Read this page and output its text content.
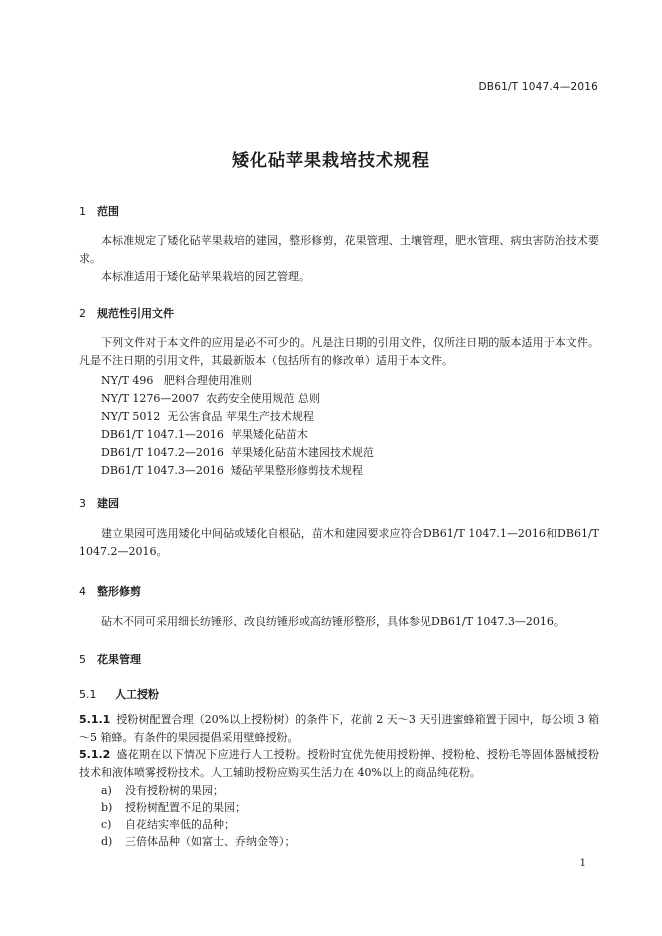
DB61/T 1047.4—2016
矮化砧苹果栽培技术规程
1 范围
本标准规定了矮化砧苹果栽培的建园，整形修剪，花果管理、土壤管理，肥水管理、病虫害防治技术要求。
本标准适用于矮化砧苹果栽培的园艺管理。
2 规范性引用文件
下列文件对于本文件的应用是必不可少的。凡是注日期的引用文件，仅所注日期的版本适用于本文件。凡是不注日期的引用文件，其最新版本（包括所有的修改单）适用于本文件。
NY/T 496   肥料合理使用准则
NY/T 1276—2007  农药安全使用规范 总则
NY/T 5012  无公害食品 苹果生产技术规程
DB61/T 1047.1—2016  苹果矮化砧苗木
DB61/T 1047.2—2016  苹果矮化砧苗木建园技术规范
DB61/T 1047.3—2016  矮砧苹果整形修剪技术规程
3 建园
建立果园可选用矮化中间砧或矮化自根砧，苗木和建园要求应符合DB61/T 1047.1—2016和DB61/T 1047.2—2016。
4 整形修剪
砧木不同可采用细长纺锤形、改良纺锤形或高纺锤形整形，具体参见DB61/T 1047.3—2016。
5 花果管理
5.1 人工授粉
5.1.1 授粉树配置合理（20%以上授粉树）的条件下，花前 2 天～3 天引进蜜蜂箱置于园中，每公顷 3 箱～5 箱蜂。有条件的果园提倡采用壁蜂授粉。
5.1.2 盛花期在以下情况下应进行人工授粉。授粉时宜优先使用授粉掸、授粉枪、授粉毛等固体器械授粉技术和液体喷雾授粉技术。人工辅助授粉应购买生活力在 40%以上的商品纯花粉。
a) 没有授粉树的果园；
b) 授粉树配置不足的果园；
c) 自花结实率低的品种；
d) 三倍体品种（如富士、乔纳金等）；
1
